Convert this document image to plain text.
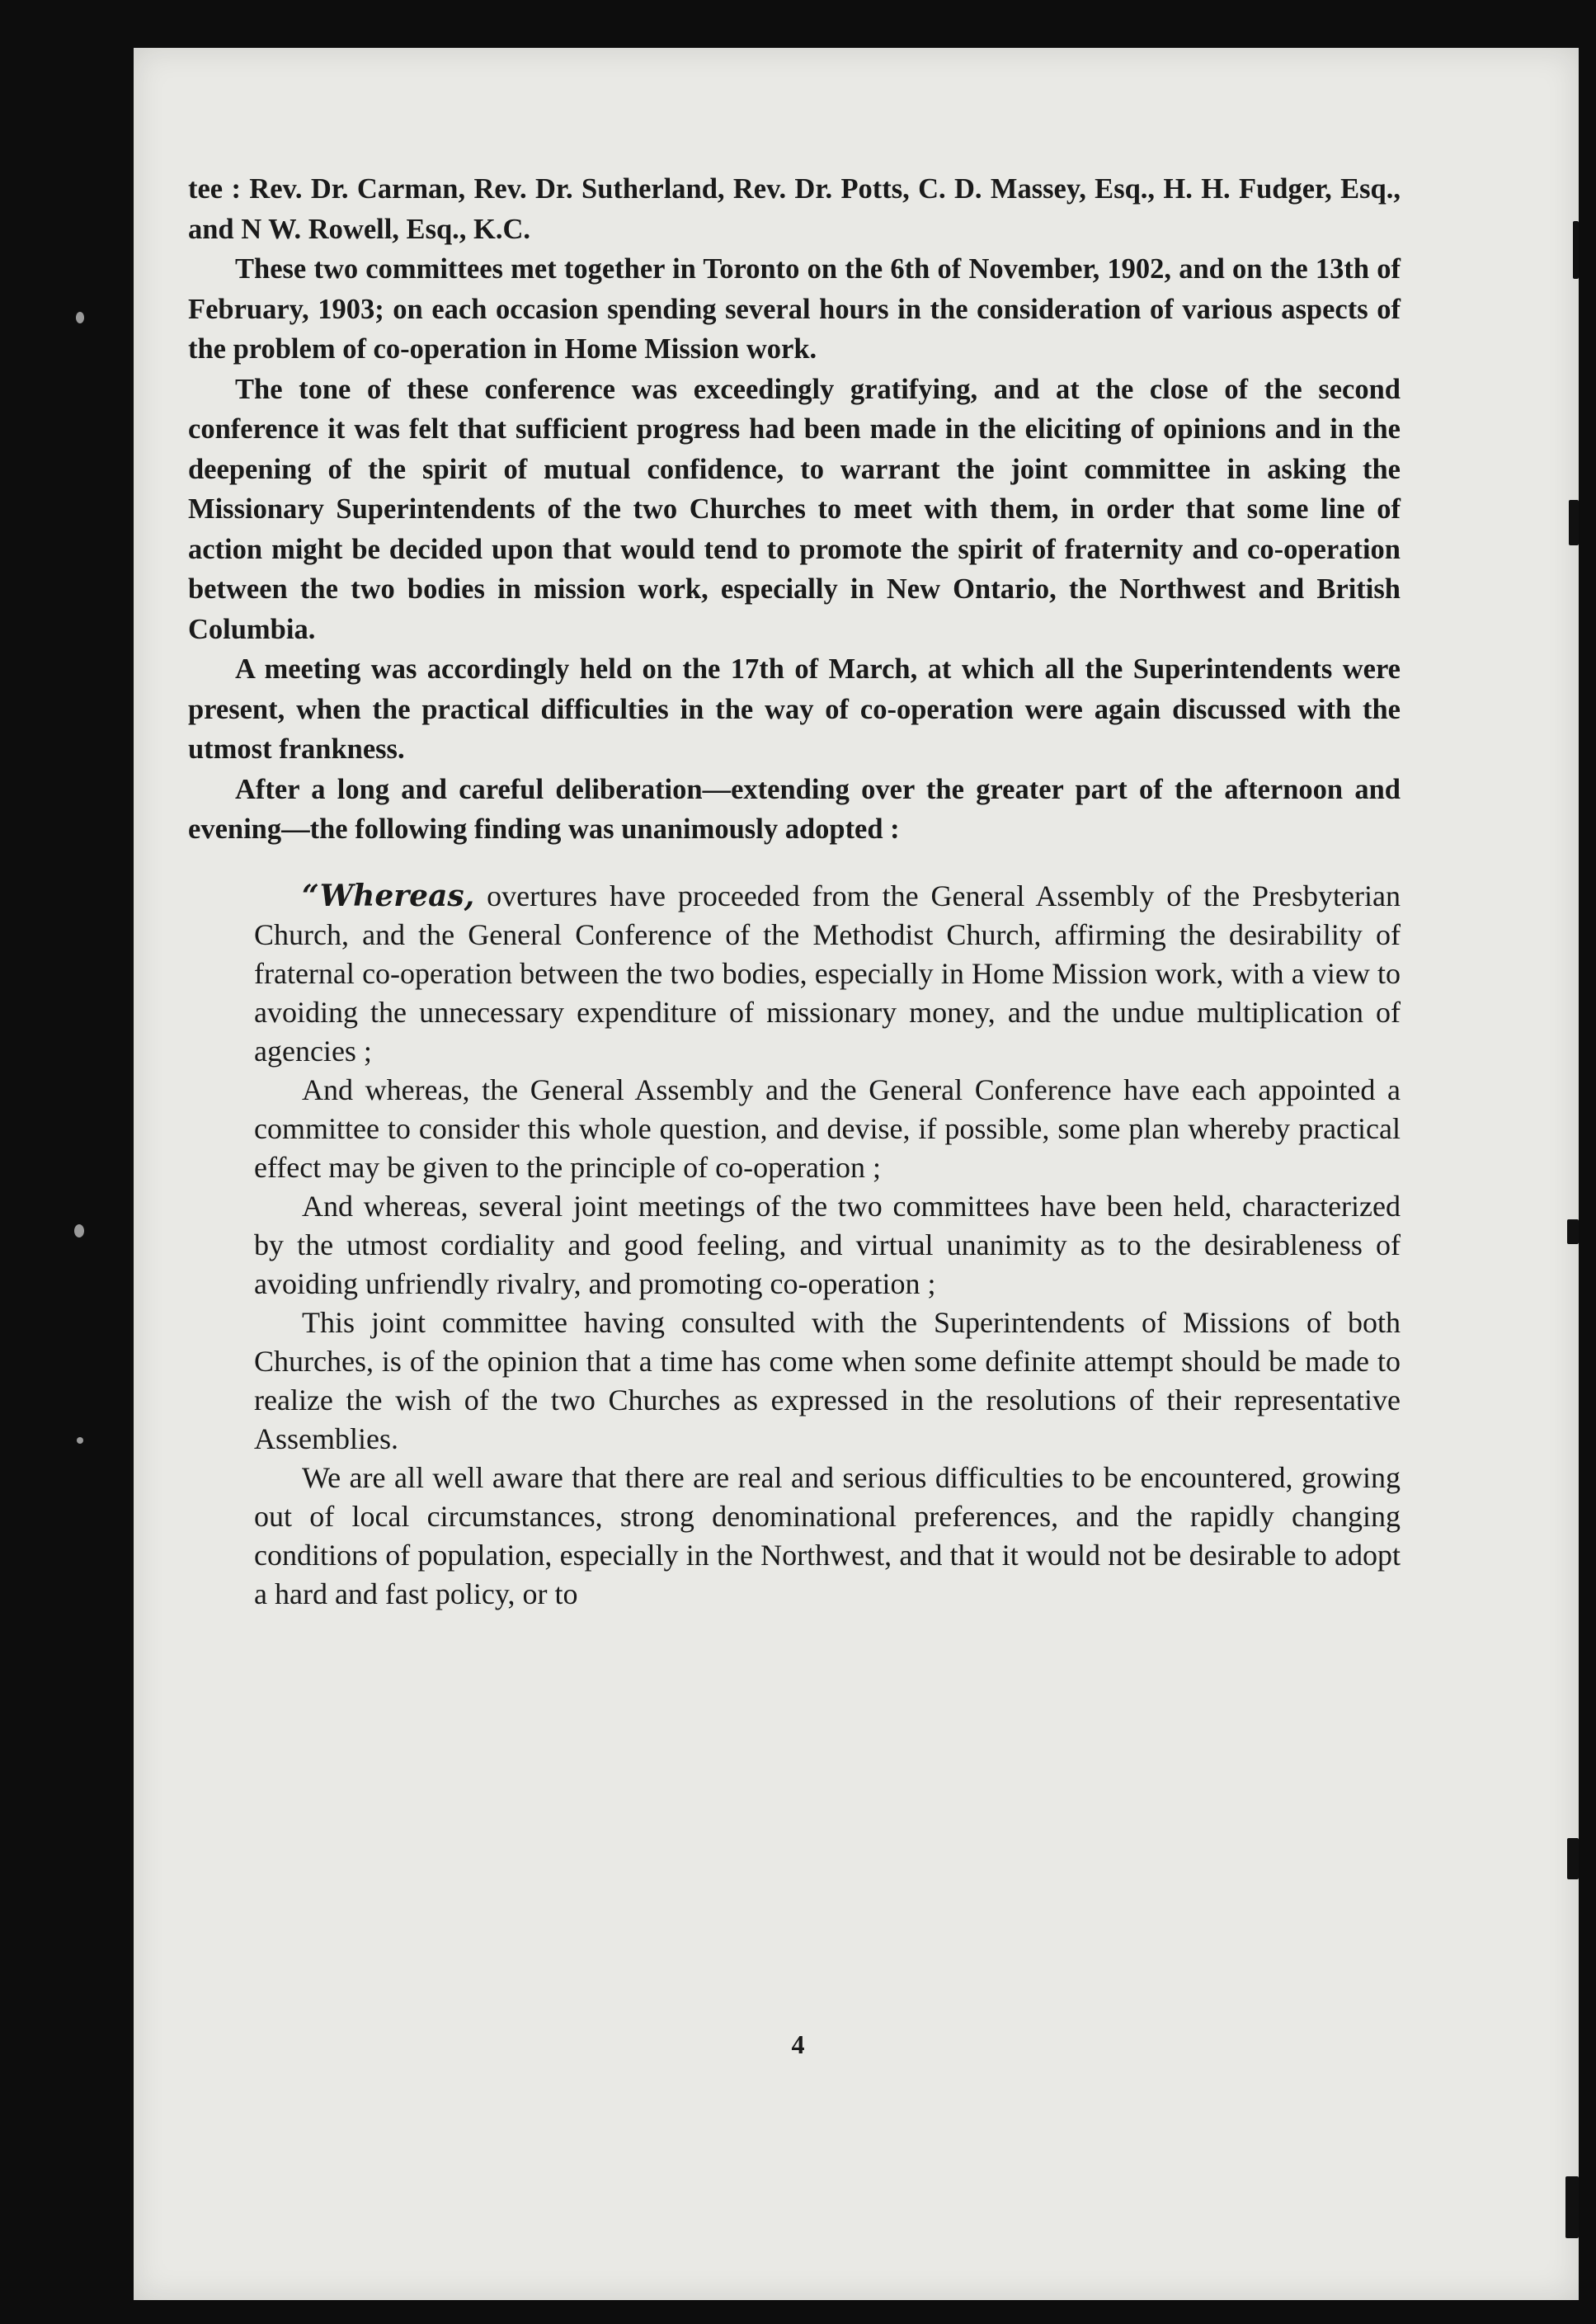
tee : Rev. Dr. Carman, Rev. Dr. Sutherland, Rev. Dr. Potts, C. D. Massey, Esq., H. H. Fudger, Esq., and N W. Rowell, Esq., K.C.

These two committees met together in Toronto on the 6th of November, 1902, and on the 13th of February, 1903; on each occasion spending several hours in the consideration of various aspects of the problem of co-operation in Home Mission work.

The tone of these conference was exceedingly gratifying, and at the close of the second conference it was felt that sufficient progress had been made in the eliciting of opinions and in the deepening of the spirit of mutual confidence, to warrant the joint committee in asking the Missionary Superintendents of the two Churches to meet with them, in order that some line of action might be decided upon that would tend to promote the spirit of fraternity and co-operation between the two bodies in mission work, especially in New Ontario, the Northwest and British Columbia.

A meeting was accordingly held on the 17th of March, at which all the Superintendents were present, when the practical difficulties in the way of co-operation were again discussed with the utmost frankness.

After a long and careful deliberation—extending over the greater part of the afternoon and evening—the following finding was unanimously adopted :

“Whereas, overtures have proceeded from the General Assembly of the Presbyterian Church, and the General Conference of the Methodist Church, affirming the desirability of fraternal co-operation between the two bodies, especially in Home Mission work, with a view to avoiding the unnecessary expenditure of missionary money, and the undue multiplication of agencies ;

And whereas, the General Assembly and the General Conference have each appointed a committee to consider this whole question, and devise, if possible, some plan whereby practical effect may be given to the principle of co-operation ;

And whereas, several joint meetings of the two committees have been held, characterized by the utmost cordiality and good feeling, and virtual unanimity as to the desirableness of avoiding unfriendly rivalry, and promoting co-operation ;

This joint committee having consulted with the Superintendents of Missions of both Churches, is of the opinion that a time has come when some definite attempt should be made to realize the wish of the two Churches as expressed in the resolutions of their representative Assemblies.

We are all well aware that there are real and serious difficulties to be encountered, growing out of local circumstances, strong denominational preferences, and the rapidly changing conditions of population, especially in the Northwest, and that it would not be desirable to adopt a hard and fast policy, or to

4
